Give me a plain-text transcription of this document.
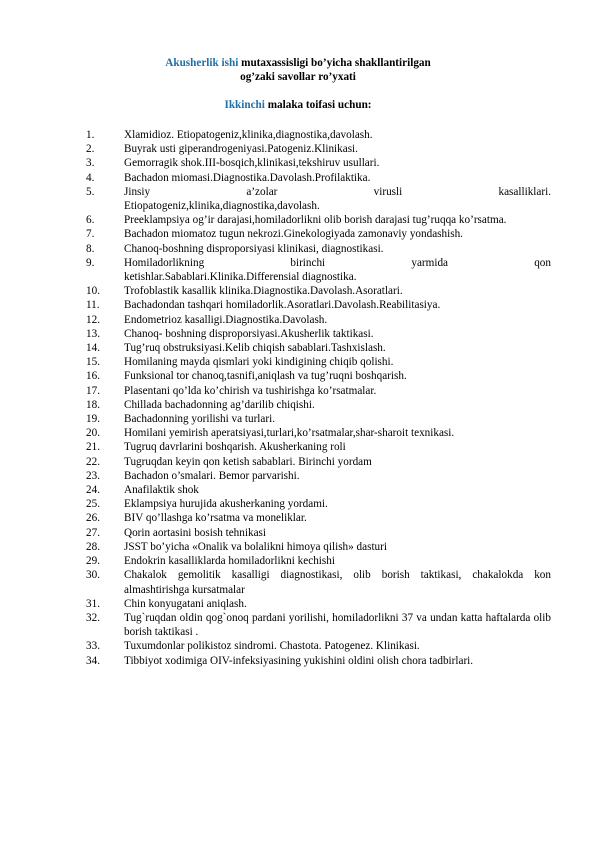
Akusherlik ishi mutaxassisligi bo’yicha shakllantirilgan
og’zaki savollar ro’yxati
Ikkinchi malaka toifasi uchun:
1.	Xlamidioz. Etiopatogeniz,klinika,diagnostika,davolash.
2.	Buyrak usti giperandrogeniyasi.Patogeniz.Klinikasi.
3.	Gemorragik shok.III-bosqich,klinikasi,tekshiruv usullari.
4.	Bachadon miomasi.Diagnostika.Davolash.Profilaktika.
5.	Jinsiy a’zolar virusli kasalliklari.
Etiopatogeniz,klinika,diagnostika,davolash.
6.	Preeklampsiya og’ir darajasi,homiladorlikni olib borish darajasi tug’ruqqa ko’rsatma.
7.	Bachadon miomatoz tugun nekrozi.Ginekologiyada zamonaviy yondashish.
8.	Chanoq-boshning disproporsiyasi klinikasi, diagnostikasi.
9.	Homiladorlikning birinchi yarmida qon
ketishlar.Sabablari.Klinika.Differensial diagnostika.
10. Trofoblastik kasallik klinika.Diagnostika.Davolash.Asoratlari.
11. Bachadondan tashqari homiladorlik.Asoratlari.Davolash.Reabilitasiya.
12. Endometrioz kasalligi.Diagnostika.Davolash.
13. Chanoq- boshning disproporsiyasi.Akusherlik taktikasi.
14. Tug’ruq obstruksiyasi.Kelib chiqish sabablari.Tashxislash.
15. Homilaning mayda qismlari yoki kindigining chiqib qolishi.
16. Funksional tor chanoq,tasnifi,aniqlash va tug’ruqni boshqarish.
17. Plasentani qo’lda ko’chirish va tushirishga ko’rsatmalar.
18. Chillada bachadonning ag’darilib chiqishi.
19. Bachadonning yorilishi va turlari.
20. Homilani yemirish aperatsiyasi,turlari,ko’rsatmalar,shar-sharoit texnikasi.
21. Tugruq davrlarini boshqarish. Akusherkaning roli
22. Tugruqdan keyin qon ketish sabablari. Birinchi yordam
23. Bachadon o’smalari. Bemor parvarishi.
24. Anafilaktik shok
25. Eklampsiya hurujida akusherkaning yordami.
26. BIV qo’llashga ko’rsatma va moneliklar.
27. Qorin aortasini bosish tehnikasi
28. JSST bo’yicha «Onalik va bolalikni himoya qilish» dasturi
29. Endokrin kasalliklarda homiladorlikni kechishi
30. Chakalok gemolitik kasalligi diagnostikasi, olib borish taktikasi, chakalokda kon almashtirishga kursatmalar
31. Chin konyugatani aniqlash.
32. Tug`ruqdan oldin qog`onoq pardani yorilishi, homiladorlikni 37 va undan katta haftalarda olib borish taktikasi .
33. Tuxumdonlar polikistoz sindromi. Chastota. Patogenez. Klinikasi.
34. Tibbiyot xodimiga OIV-infeksiyasining yukishini oldini olish chora tadbirlari.
